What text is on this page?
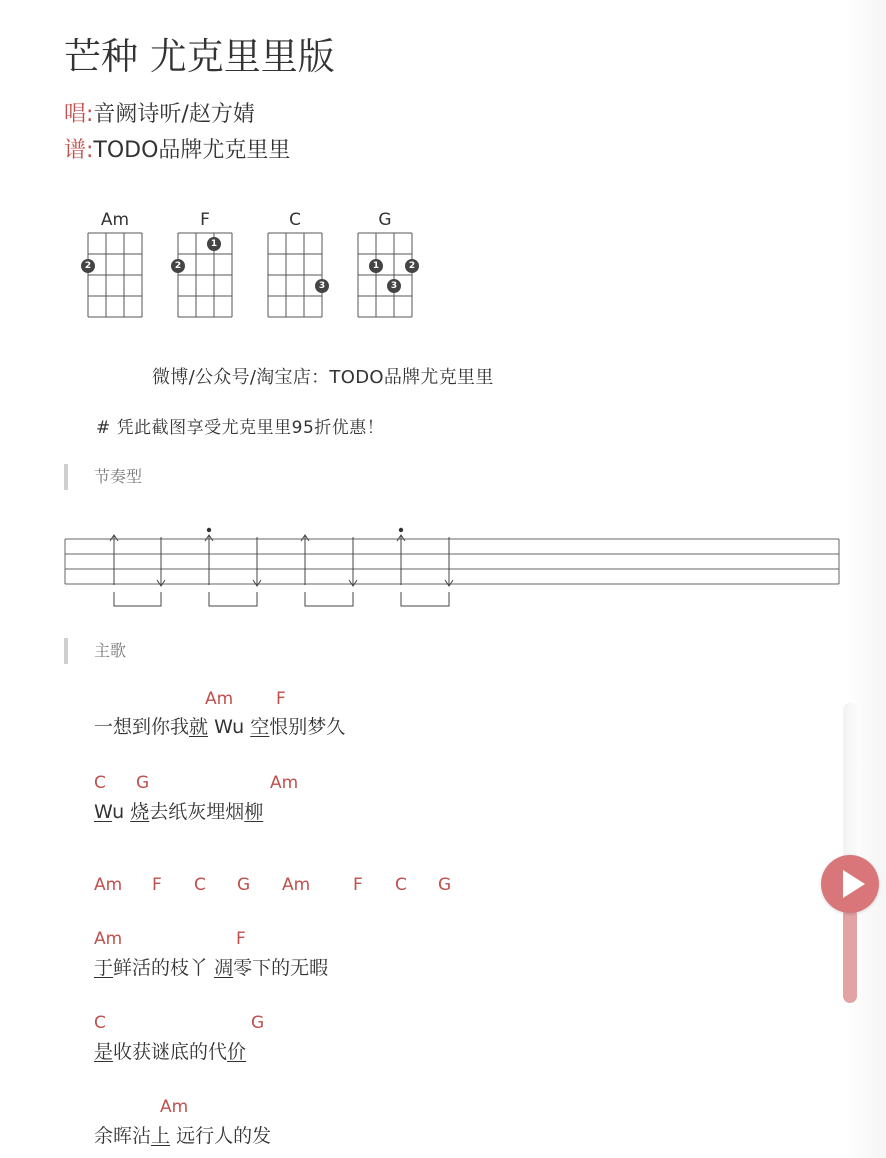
芒种 尤克里里版
唱:音阙诗听/赵方婧
谱:TODO品牌尤克里里
Am
2
F
1
2
C
3
G
1	2
3
微博/公众号/淘宝店：TODO品牌尤克里里
# 凭此截图享受尤克里里95折优惠！
节奏型
主歌
Am	F
一想到你我就 Wu 空恨别梦久
C G	Am
Wu 烧去纸灰埋烟柳
Am F C G Am	F C G
Am	F
于鲜活的枝丫 凋零下的无暇
C	G
是收获谜底的代价
Am
余晖沾上 远行人的发
